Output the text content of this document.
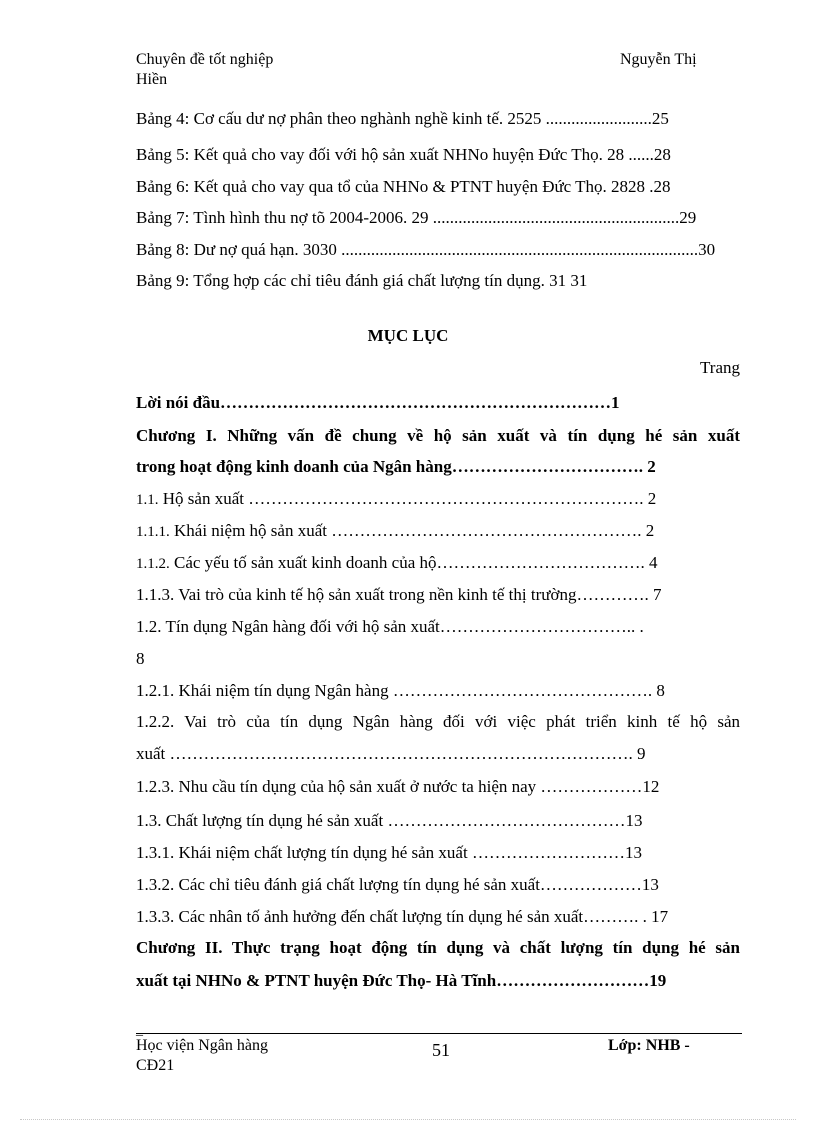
Chuyên đề tốt nghiệp Hiền
Nguyễn Thị
Bảng 4: Cơ cấu dư nợ phân theo nghành nghề kinh tế. 2525 .........................25
Bảng 5: Kết quả cho vay đối với hộ sản xuất NHNo huyện Đức Thọ. 28 ......28
Bảng 6: Kết quả cho vay qua tổ của NHNo & PTNT huyện Đức Thọ. 2828 .28
Bảng 7: Tình hình thu nợ tõ 2004-2006. 29 ..........................................................29
Bảng 8: Dư nợ quá hạn. 3030 ....................................................................................30
Bảng 9: Tổng hợp các chỉ tiêu đánh giá chất lượng tín dụng. 31 31
MỤC LỤC
Trang
Lời nói đầu……………………………………………………………1
Chương I. Những vấn đề chung về hộ sản xuất và tín dụng hé sản xuất
trong hoạt động kinh doanh của Ngân hàng……………………………. 2
1.1. Hộ sản xuất ……………………………………………………………. 2
1.1.1. Khái niệm hộ sản xuất ………………………………………………. 2
1.1.2. Các yếu tố sản xuất kinh doanh của hộ………………………………. 4
1.1.3. Vai trò của kinh tế hộ sản xuất trong nền kinh tế thị trường…………. 7
1.2. Tín dụng Ngân hàng đối với hộ sản xuất…………………………….. .
8
1.2.1. Khái niệm tín dụng Ngân hàng ………………………………………. 8
1.2.2. Vai trò của tín dụng Ngân hàng đối với việc phát triển kinh tế hộ sản
xuất ………………………………………………………………………. 9
1.2.3. Nhu cầu tín dụng của hộ sản xuất ở nước ta hiện nay ………………12
1.3. Chất lượng tín dụng hé sản xuất ……………………………………13
1.3.1. Khái niệm chất lượng tín dụng hé sản xuất ………………………13
1.3.2. Các chỉ tiêu đánh giá chất lượng tín dụng hé sản xuất………………13
1.3.3. Các nhân tố ảnh hưởng đến chất lượng tín dụng hé sản xuất………. . 17
Chương II. Thực trạng hoạt động tín dụng và chất lượng tín dụng hé sản
xuất tại NHNo & PTNT huyện Đức Thọ- Hà Tĩnh………………………19
_
Học viện Ngân hàng CĐ21
51	Lớp: NHB -
